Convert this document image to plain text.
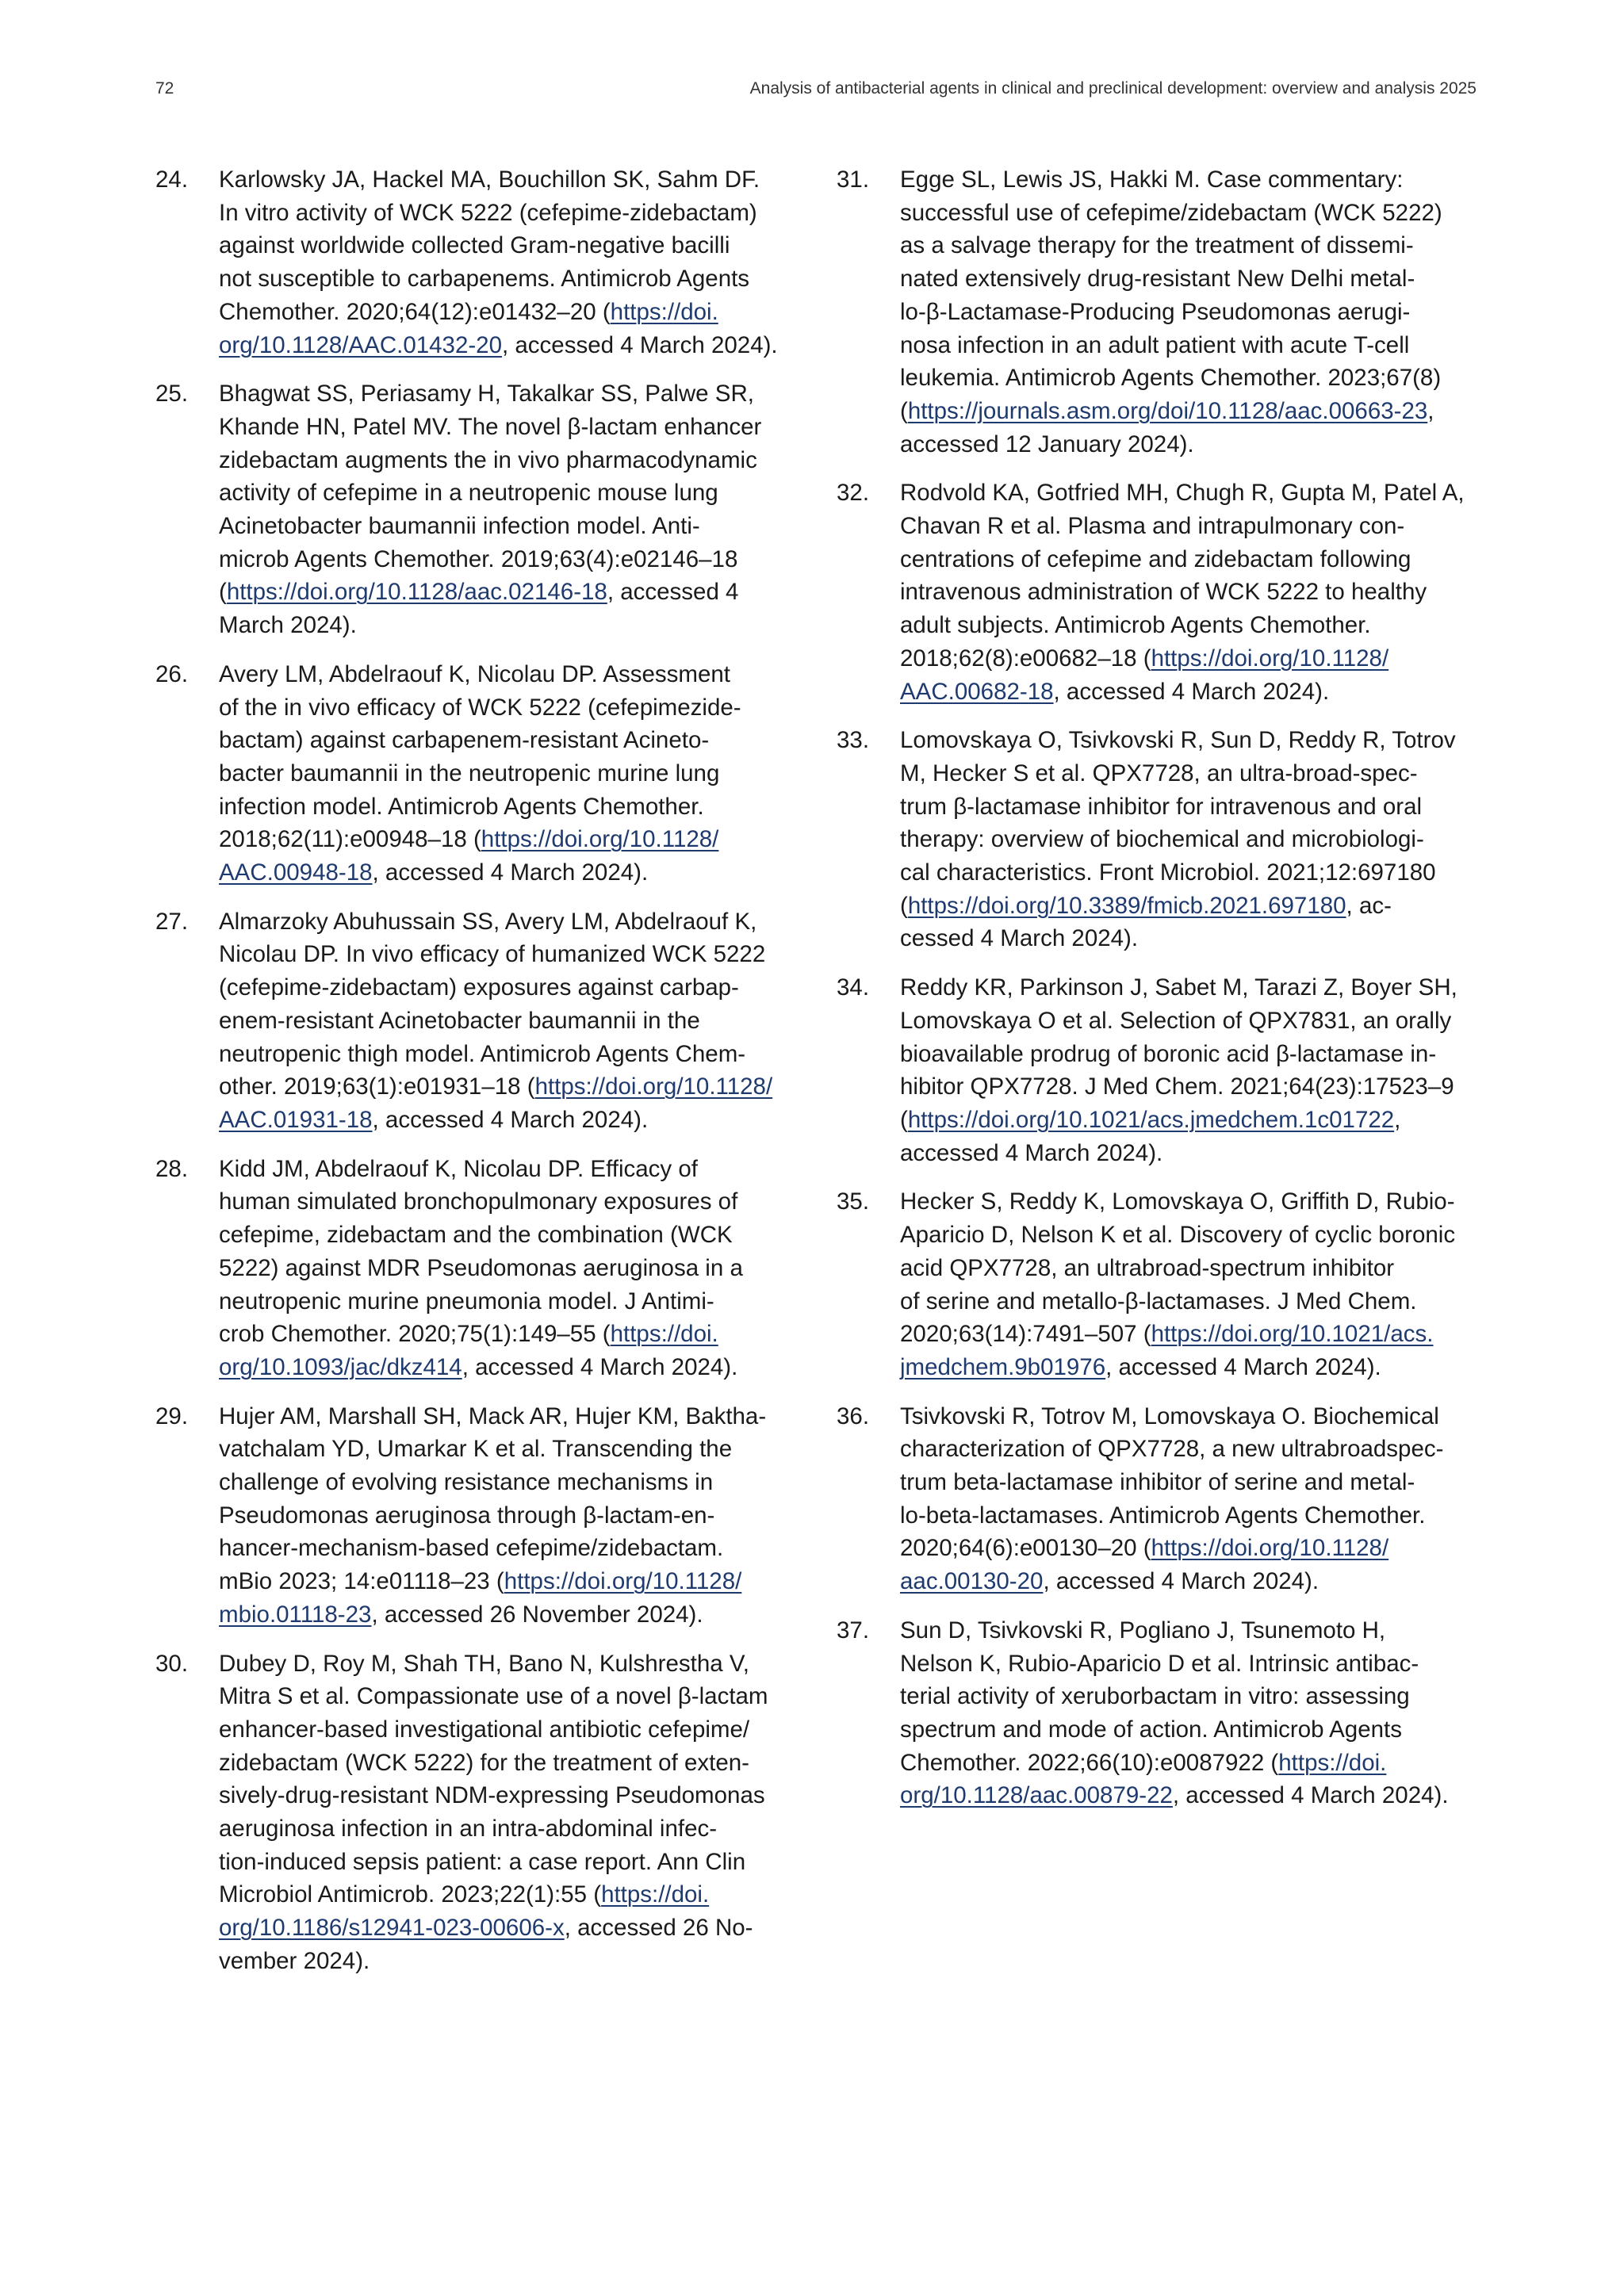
72	Analysis of antibacterial agents in clinical and preclinical development: overview and analysis 2025
24. Karlowsky JA, Hackel MA, Bouchillon SK, Sahm DF.
In vitro activity of WCK 5222 (cefepime-zidebactam)
against worldwide collected Gram-negative bacilli
not susceptible to carbapenems. Antimicrob Agents
Chemother. 2020;64(12):e01432–20 (https://doi.
org/10.1128/AAC.01432-20, accessed 4 March 2024).
25. Bhagwat SS, Periasamy H, Takalkar SS, Palwe SR,
Khande HN, Patel MV. The novel β-lactam enhancer
zidebactam augments the in vivo pharmacodynamic
activity of cefepime in a neutropenic mouse lung
Acinetobacter baumannii infection model. Anti-
microb Agents Chemother. 2019;63(4):e02146–18
(https://doi.org/10.1128/aac.02146-18, accessed 4
March 2024).
26. Avery LM, Abdelraouf K, Nicolau DP. Assessment
of the in vivo efficacy of WCK 5222 (cefepimezide-
bactam) against carbapenem-resistant Acineto-
bacter baumannii in the neutropenic murine lung
infection model. Antimicrob Agents Chemother.
2018;62(11):e00948–18 (https://doi.org/10.1128/
AAC.00948-18, accessed 4 March 2024).
27. Almarzoky Abuhussain SS, Avery LM, Abdelraouf K,
Nicolau DP. In vivo efficacy of humanized WCK 5222
(cefepime-zidebactam) exposures against carbap-
enem-resistant Acinetobacter baumannii in the
neutropenic thigh model. Antimicrob Agents Chem-
other. 2019;63(1):e01931–18 (https://doi.org/10.1128/
AAC.01931-18, accessed 4 March 2024).
28. Kidd JM, Abdelraouf K, Nicolau DP. Efficacy of
human simulated bronchopulmonary exposures of
cefepime, zidebactam and the combination (WCK
5222) against MDR Pseudomonas aeruginosa in a
neutropenic murine pneumonia model. J Antimi-
crob Chemother. 2020;75(1):149–55 (https://doi.
org/10.1093/jac/dkz414, accessed 4 March 2024).
29. Hujer AM, Marshall SH, Mack AR, Hujer KM, Baktha-
vatchalam YD, Umarkar K et al. Transcending the
challenge of evolving resistance mechanisms in
Pseudomonas aeruginosa through β-lactam-en-
hancer-mechanism-based cefepime/zidebactam.
mBio 2023; 14:e01118–23 (https://doi.org/10.1128/
mbio.01118-23, accessed 26 November 2024).
30. Dubey D, Roy M, Shah TH, Bano N, Kulshrestha V,
Mitra S et al. Compassionate use of a novel β-lactam
enhancer-based investigational antibiotic cefepime/
zidebactam (WCK 5222) for the treatment of exten-
sively-drug-resistant NDM-expressing Pseudomonas
aeruginosa infection in an intra-abdominal infec-
tion-induced sepsis patient: a case report. Ann Clin
Microbiol Antimicrob. 2023;22(1):55 (https://doi.
org/10.1186/s12941-023-00606-x, accessed 26 No-
vember 2024).
31. Egge SL, Lewis JS, Hakki M. Case commentary:
successful use of cefepime/zidebactam (WCK 5222)
as a salvage therapy for the treatment of dissemi-
nated extensively drug-resistant New Delhi metal-
lo-β-Lactamase-Producing Pseudomonas aerugi-
nosa infection in an adult patient with acute T-cell
leukemia. Antimicrob Agents Chemother. 2023;67(8)
(https://journals.asm.org/doi/10.1128/aac.00663-23,
accessed 12 January 2024).
32. Rodvold KA, Gotfried MH, Chugh R, Gupta M, Patel A,
Chavan R et al. Plasma and intrapulmonary con-
centrations of cefepime and zidebactam following
intravenous administration of WCK 5222 to healthy
adult subjects. Antimicrob Agents Chemother.
2018;62(8):e00682–18 (https://doi.org/10.1128/
AAC.00682-18, accessed 4 March 2024).
33. Lomovskaya O, Tsivkovski R, Sun D, Reddy R, Totrov
M, Hecker S et al. QPX7728, an ultra-broad-spec-
trum β-lactamase inhibitor for intravenous and oral
therapy: overview of biochemical and microbiologi-
cal characteristics. Front Microbiol. 2021;12:697180
(https://doi.org/10.3389/fmicb.2021.697180, ac-
cessed 4 March 2024).
34. Reddy KR, Parkinson J, Sabet M, Tarazi Z, Boyer SH,
Lomovskaya O et al. Selection of QPX7831, an orally
bioavailable prodrug of boronic acid β-lactamase in-
hibitor QPX7728. J Med Chem. 2021;64(23):17523–9
(https://doi.org/10.1021/acs.jmedchem.1c01722,
accessed 4 March 2024).
35. Hecker S, Reddy K, Lomovskaya O, Griffith D, Rubio-
Aparicio D, Nelson K et al. Discovery of cyclic boronic
acid QPX7728, an ultrabroad-spectrum inhibitor
of serine and metallo-β-lactamases. J Med Chem.
2020;63(14):7491–507 (https://doi.org/10.1021/acs.
jmedchem.9b01976, accessed 4 March 2024).
36. Tsivkovski R, Totrov M, Lomovskaya O. Biochemical
characterization of QPX7728, a new ultrabroadspec-
trum beta-lactamase inhibitor of serine and metal-
lo-beta-lactamases. Antimicrob Agents Chemother.
2020;64(6):e00130–20 (https://doi.org/10.1128/
aac.00130-20, accessed 4 March 2024).
37. Sun D, Tsivkovski R, Pogliano J, Tsunemoto H,
Nelson K, Rubio-Aparicio D et al. Intrinsic antibac-
terial activity of xeruborbactam in vitro: assessing
spectrum and mode of action. Antimicrob Agents
Chemother. 2022;66(10):e0087922 (https://doi.
org/10.1128/aac.00879-22, accessed 4 March 2024).
